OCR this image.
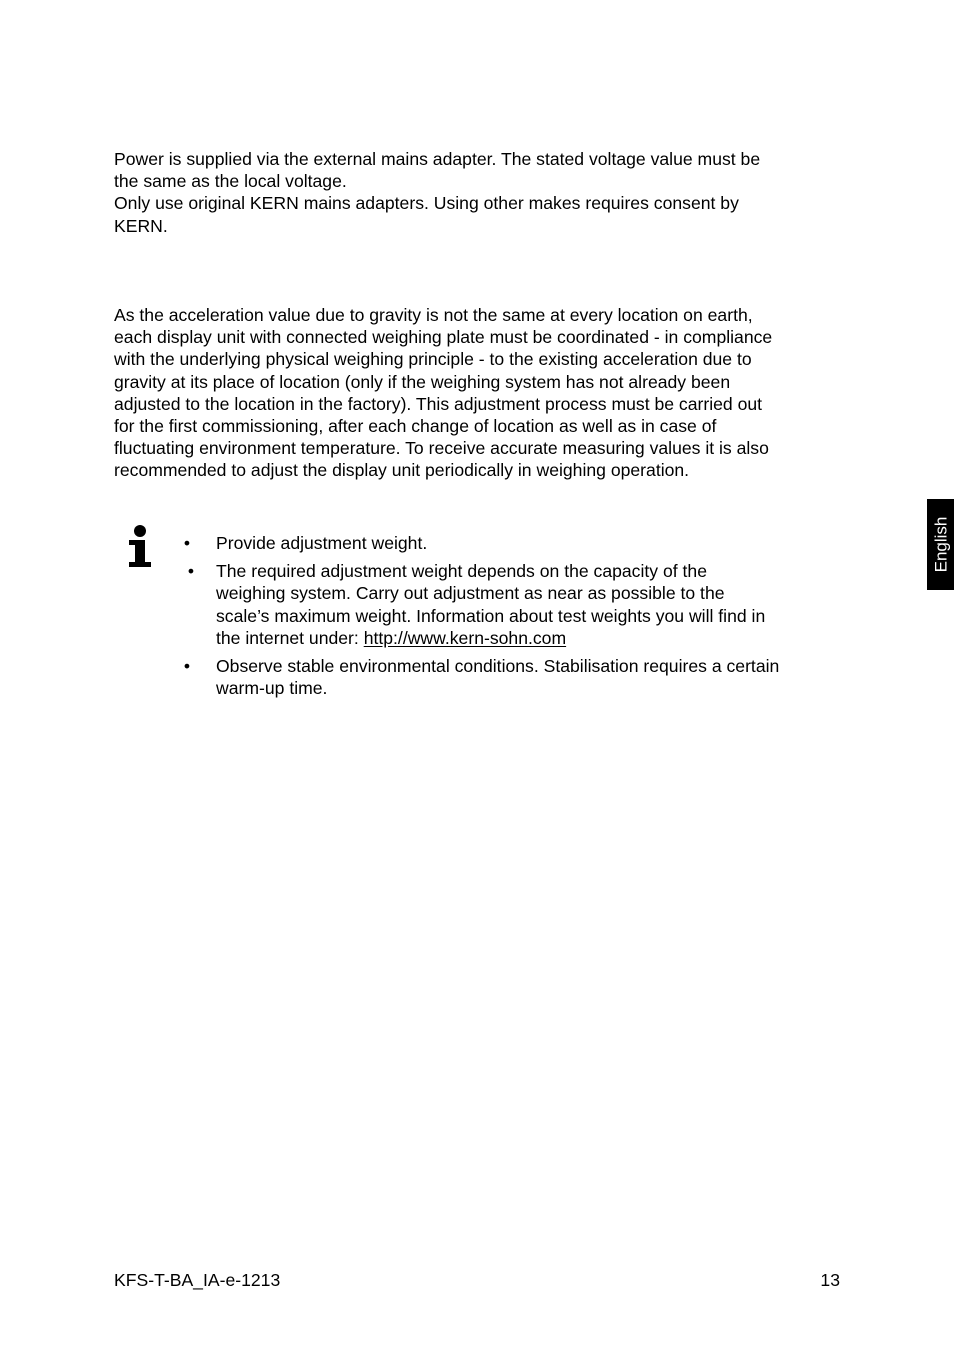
Power is supplied via the external mains adapter. The stated voltage value must be
the same as the local voltage.
Only use original KERN mains adapters. Using other makes requires consent by
KERN.

As the acceleration value due to gravity is not the same at every location on earth,
each display unit with connected weighing plate must be coordinated - in compliance
with the underlying physical weighing principle - to the existing acceleration due to
gravity at its place of location (only if the weighing system has not already been
adjusted to the location in the factory). This adjustment process must be carried out
for the first commissioning, after each change of location as well as in case of
fluctuating environment temperature. To receive accurate measuring values it is also
recommended to adjust the display unit periodically in weighing operation.

• Provide adjustment weight.
• The required adjustment weight depends on the capacity of the
weighing system. Carry out adjustment as near as possible to the
scale’s maximum weight. Information about test weights you will find in
the internet under: http://www.kern-sohn.com
• Observe stable environmental conditions. Stabilisation requires a certain
warm-up time.
English
KFS-T-BA_IA-e-1213	13
